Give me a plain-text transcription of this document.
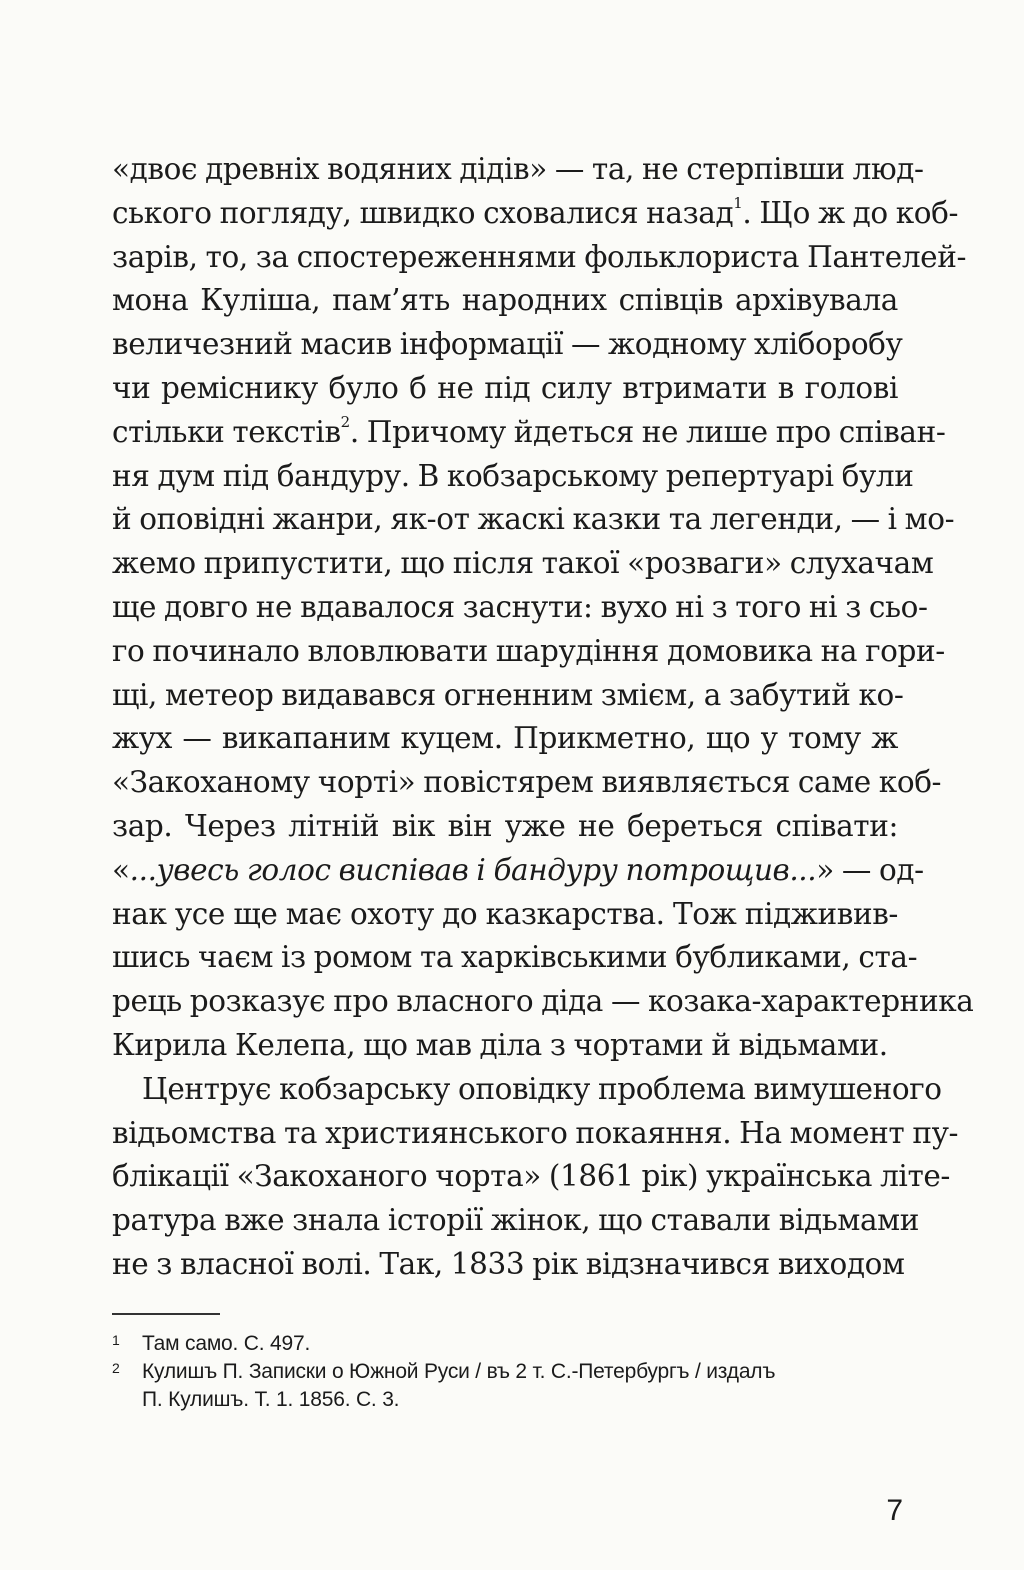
«двоє древніх водяних дідів» — та, не стерпівши люд-
ського погляду, швидко сховалися назад$^1$. Що ж до коб-
зарів, то, за спостереженнями фольклориста Пантелей-
мона Куліша, пам’ять народних співців архівувала
величезний масив інформації — жодному хліборобу
чи реміснику було б не під силу втримати в голові
стільки текстів$^2$. Причому йдеться не лише про співан-
ня дум під бандуру. В кобзарському репертуарі були
й оповідні жанри, як-от жаскі казки та легенди, — і мо-
жемо припустити, що після такої «розваги» слухачам
ще довго не вдавалося заснути: вухо ні з того ні з сьо-
го починало вловлювати шарудіння домовика на гори-
щі, метеор видавався огненним змієм, а забутий ко-
жух — викапаним куцем. Прикметно, що у тому ж
«Закоханому чорті» повістярем виявляється саме коб-
зар. Через літній вік він уже не береться співати:
«...увесь голос виспівав і бандуру потрощив...» — од-
нак усе ще має охоту до казкарства. Тож підживив-
шись чаєм із ромом та харківськими бубликами, ста-
рець розказує про власного діда — козака-характерника
Кирила Келепа, що мав діла з чортами й відьмами.
Центрує кобзарську оповідку проблема вимушеного
відьомства та християнського покаяння. На момент пу-
блікації «Закоханого чорта» (1861 рік) українська літе-
ратура вже знала історії жінок, що ставали відьмами
не з власної волі. Так, 1833 рік відзначився виходом
1 Там само. С. 497.
2 Кулишъ П. Записки о Южной Руси / въ 2 т. С.-Петербургъ / издалъ
П. Кулишъ. Т. 1. 1856. С. 3.
7
